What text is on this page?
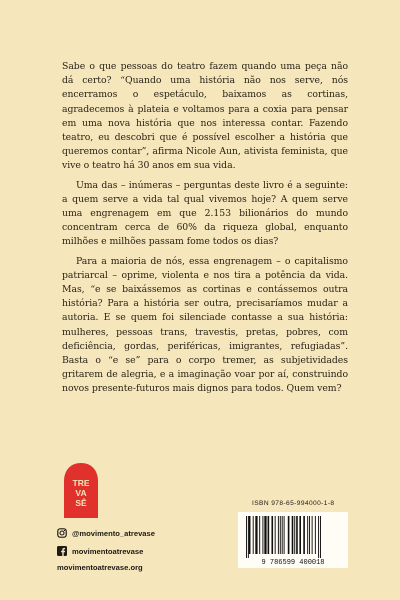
Sabe o que pessoas do teatro fazem quando uma peça não dá certo? “Quando uma história não nos serve, nós encerramos o espetáculo, baixamos as cortinas, agradecemos à plateia e voltamos para a coxia para pensar em uma nova história que nos interessa contar. Fazendo teatro, eu descobri que é possível escolher a história que queremos contar”, afirma Nicole Aun, ativista feminista, que vive o teatro há 30 anos em sua vida.

Uma das – inúmeras – perguntas deste livro é a seguinte: a quem serve a vida tal qual vivemos hoje? A quem serve uma engrenagem em que 2.153 bilionários do mundo concentram cerca de 60% da riqueza global, enquanto milhões e milhões passam fome todos os dias?

Para a maioria de nós, essa engrenagem – o capitalismo patriarcal – oprime, violenta e nos tira a potência da vida. Mas, “e se baixássemos as cortinas e contássemos outra história? Para a história ser outra, precisaríamos mudar a autoria. E se quem foi silenciade contasse a sua história: mulheres, pessoas trans, travestis, pretas, pobres, com deficiência, gordas, periféricas, imigrantes, refugiadas”. Basta o “e se” para o corpo tremer, as subjetividades gritarem de alegria, e a imaginação voar por aí, construindo novos presente-futuros mais dignos para todos. Quem vem?

TRE
VA
SÊ	ISBN 978-65-994000-1-8
9 786599 400018
@movimento_atrevase
movimentoatrevase
movimentoatrevase.org
